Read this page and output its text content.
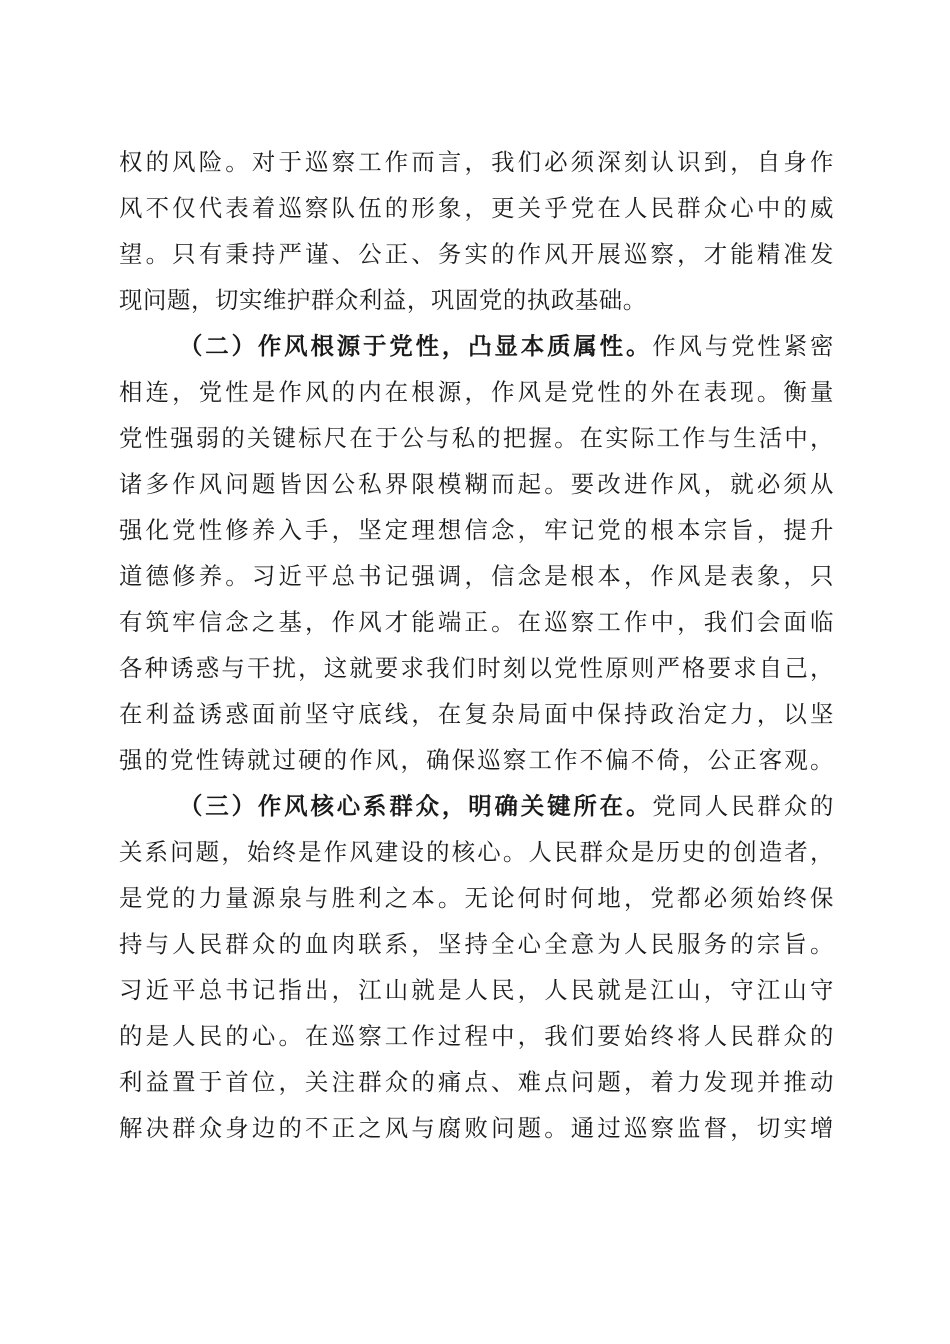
权的风险。对于巡察工作而言，我们必须深刻认识到，自身作
风不仅代表着巡察队伍的形象，更关乎党在人民群众心中的威
望。只有秉持严谨、公正、务实的作风开展巡察，才能精准发
现问题，切实维护群众利益，巩固党的执政基础。
（二）作风根源于党性，凸显本质属性。作风与党性紧密
相连，党性是作风的内在根源，作风是党性的外在表现。衡量
党性强弱的关键标尺在于公与私的把握。在实际工作与生活中，
诸多作风问题皆因公私界限模糊而起。要改进作风，就必须从
强化党性修养入手，坚定理想信念，牢记党的根本宗旨，提升
道德修养。习近平总书记强调，信念是根本，作风是表象，只
有筑牢信念之基，作风才能端正。在巡察工作中，我们会面临
各种诱惑与干扰，这就要求我们时刻以党性原则严格要求自己，
在利益诱惑面前坚守底线，在复杂局面中保持政治定力，以坚
强的党性铸就过硬的作风，确保巡察工作不偏不倚，公正客观。
（三）作风核心系群众，明确关键所在。党同人民群众的
关系问题，始终是作风建设的核心。人民群众是历史的创造者，
是党的力量源泉与胜利之本。无论何时何地，党都必须始终保
持与人民群众的血肉联系，坚持全心全意为人民服务的宗旨。
习近平总书记指出，江山就是人民，人民就是江山，守江山守
的是人民的心。在巡察工作过程中，我们要始终将人民群众的
利益置于首位，关注群众的痛点、难点问题，着力发现并推动
解决群众身边的不正之风与腐败问题。通过巡察监督，切实增
